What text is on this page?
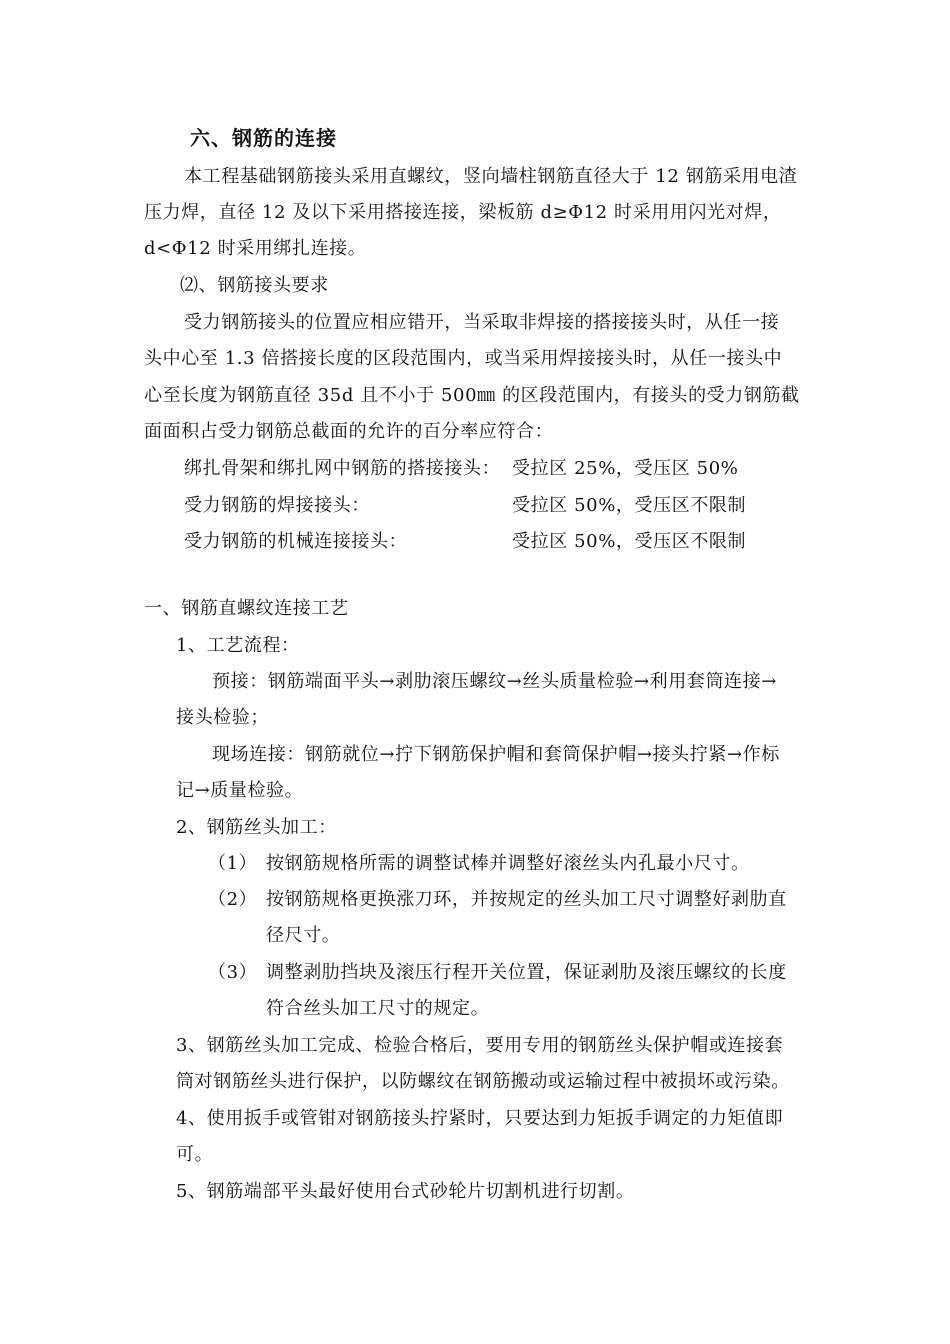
六、钢筋的连接

本工程基础钢筋接头采用直螺纹，竖向墙柱钢筋直径大于 12 钢筋采用电渣

压力焊，直径 12 及以下采用搭接连接，梁板筋 d≥Φ12 时采用用闪光对焊，

d<Φ12 时采用绑扎连接。

⑵、钢筋接头要求

受力钢筋接头的位置应相应错开，当采取非焊接的搭接接头时，从任一接

头中心至 1.3 倍搭接长度的区段范围内，或当采用焊接接头时，从任一接头中

心至长度为钢筋直径 35d 且不小于 500㎜ 的区段范围内，有接头的受力钢筋截

面面积占受力钢筋总截面的允许的百分率应符合：

绑扎骨架和绑扎网中钢筋的搭接接头： 受拉区 25%，受压区 50%

受力钢筋的焊接接头：	受拉区 50%，受压区不限制

受力钢筋的机械连接接头：	受拉区 50%，受压区不限制

一、钢筋直螺纹连接工艺

1、工艺流程：

预接：钢筋端面平头→剥肋滚压螺纹→丝头质量检验→利用套筒连接→

接头检验；

现场连接：钢筋就位→拧下钢筋保护帽和套筒保护帽→接头拧紧→作标

记→质量检验。

2、钢筋丝头加工：

（1） 按钢筋规格所需的调整试棒并调整好滚丝头内孔最小尺寸。

（2） 按钢筋规格更换涨刀环，并按规定的丝头加工尺寸调整好剥肋直

径尺寸。

（3） 调整剥肋挡块及滚压行程开关位置，保证剥肋及滚压螺纹的长度

符合丝头加工尺寸的规定。

3、钢筋丝头加工完成、检验合格后，要用专用的钢筋丝头保护帽或连接套

筒对钢筋丝头进行保护，以防螺纹在钢筋搬动或运输过程中被损坏或污染。

4、使用扳手或管钳对钢筋接头拧紧时，只要达到力矩扳手调定的力矩值即

可。

5、钢筋端部平头最好使用台式砂轮片切割机进行切割。
